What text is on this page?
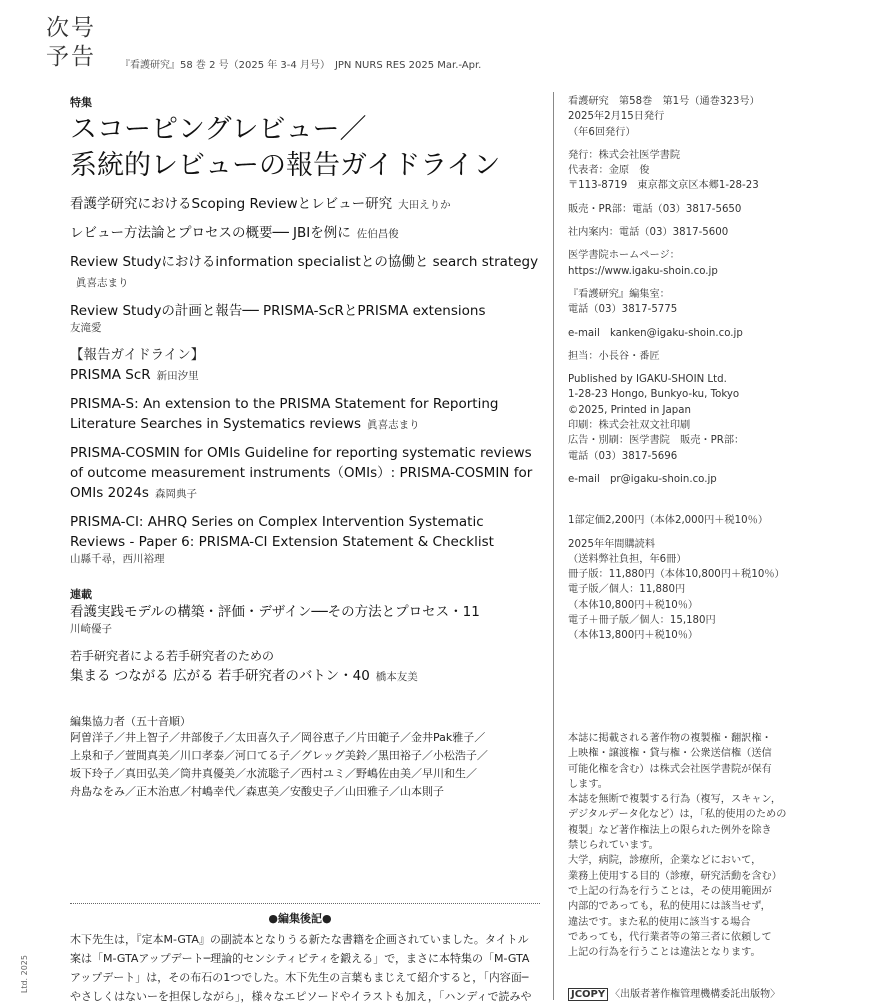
次号
予告 『看護研究』58 巻 2 号（2025 年 3-4 月号）　JPN NURS RES 2025 Mar.-Apr.
特集
スコーピングレビュー／
系統的レビューの報告ガイドライン
看護学研究におけるScoping Reviewとレビュー研究 大田えりか
レビュー方法論とプロセスの概要── JBIを例に 佐伯昌俊
Review Studyにおけるinformation specialistとの協働と search strategy眞喜志まり
Review Studyの計画と報告── PRISMA-ScRとPRISMA extensions
友滝愛
【報告ガイドライン】
PRISMA ScR 新田汐里
PRISMA-S: An extension to the PRISMA Statement for Reporting Literature Searches in Systematics reviews 眞喜志まり
PRISMA-COSMIN for OMIs Guideline for reporting systematic reviews of outcome measurement instruments（OMIs）: PRISMA-COSMIN for OMIs 2024s 森岡典子
PRISMA-CI: AHRQ Series on Complex Intervention Systematic Reviews - Paper 6: PRISMA-CI Extension Statement & Checklist
山縣千尋，西川裕理
連載
看護実践モデルの構築・評価・デザイン──その方法とプロセス・11
川崎優子
若手研究者による若手研究者のための
集まる つながる 広がる 若手研究者のバトン・40 橋本友美
編集協力者（五十音順）
阿曽洋子／井上智子／井部俊子／太田喜久子／岡谷恵子／片田範子／金井Pak雅子／
上泉和子／萱間真美／川口孝泰／河口てる子／グレッグ美鈴／黒田裕子／小松浩子／
坂下玲子／真田弘美／筒井真優美／水流聡子／西村ユミ／野嶋佐由美／早川和生／
舟島なをみ／正木治恵／村嶋幸代／森恵美／安酸史子／山田雅子／山本則子
●編集後記●
木下先生は，『定本M-GTA』の副読本となりうる新たな書籍を企画されていました。タイトル
案は「M-GTAアップデート─理論的センシティビティを鍛える」で，まさに本特集の「M-GTA
アップデート」は，その布石の1つでした。木下先生の言葉もまじえて紹介すると，「内容面─
やさしくはないーを担保しながら」，様々なエピソードやイラストも加え，「ハンディで読みや
看護研究　第58巻　第1号（通巻323号）
2025年2月15日発行
（年6回発行）
発行：株式会社医学書院
代表者：金原　俊
〒113-8719　東京都文京区本郷1-28-23
販売・PR部：電話（03）3817-5650
社内案内：電話（03）3817-5600
医学書院ホームページ：
https://www.igaku-shoin.co.jp
『看護研究』編集室：
電話（03）3817-5775
e-mail　kanken@igaku-shoin.co.jp
担当：小長谷・番匠
Published by IGAKU-SHOIN Ltd.
1-28-23 Hongo, Bunkyo-ku, Tokyo
©2025, Printed in Japan
印刷：株式会社双文社印刷
広告・別刷：医学書院　販売・PR部：
電話（03）3817-5696
e-mail　pr@igaku-shoin.co.jp
1部定価2,200円（本体2,000円＋税10％）
2025年年間購読料
（送料弊社負担，年6冊）
冊子版：11,880円（本体10,800円＋税10％）
電子版／個人：11,880円
（本体10,800円＋税10％）
電子＋冊子版／個人：15,180円
（本体13,800円＋税10％）
本誌に掲載される著作物の複製権・翻訳権・
上映権・譲渡権・貸与権・公衆送信権（送信
可能化権を含む）は株式会社医学書院が保有
します。
本誌を無断で複製する行為（複写，スキャン，
デジタルデータ化など）は，「私的使用のための
複製」など著作権法上の限られた例外を除き
禁じられています。
大学，病院，診療所，企業などにおいて，
業務上使用する目的（診療，研究活動を含む）
で上記の行為を行うことは，その使用範囲が
内部的であっても，私的使用には該当せず，
違法です。また私的使用に該当する場合
であっても，代行業者等の第三者に依頼して
上記の行為を行うことは違法となります。
JCOPY 〈出版者著作権管理機構委託出版物〉
Ltd. 2025
